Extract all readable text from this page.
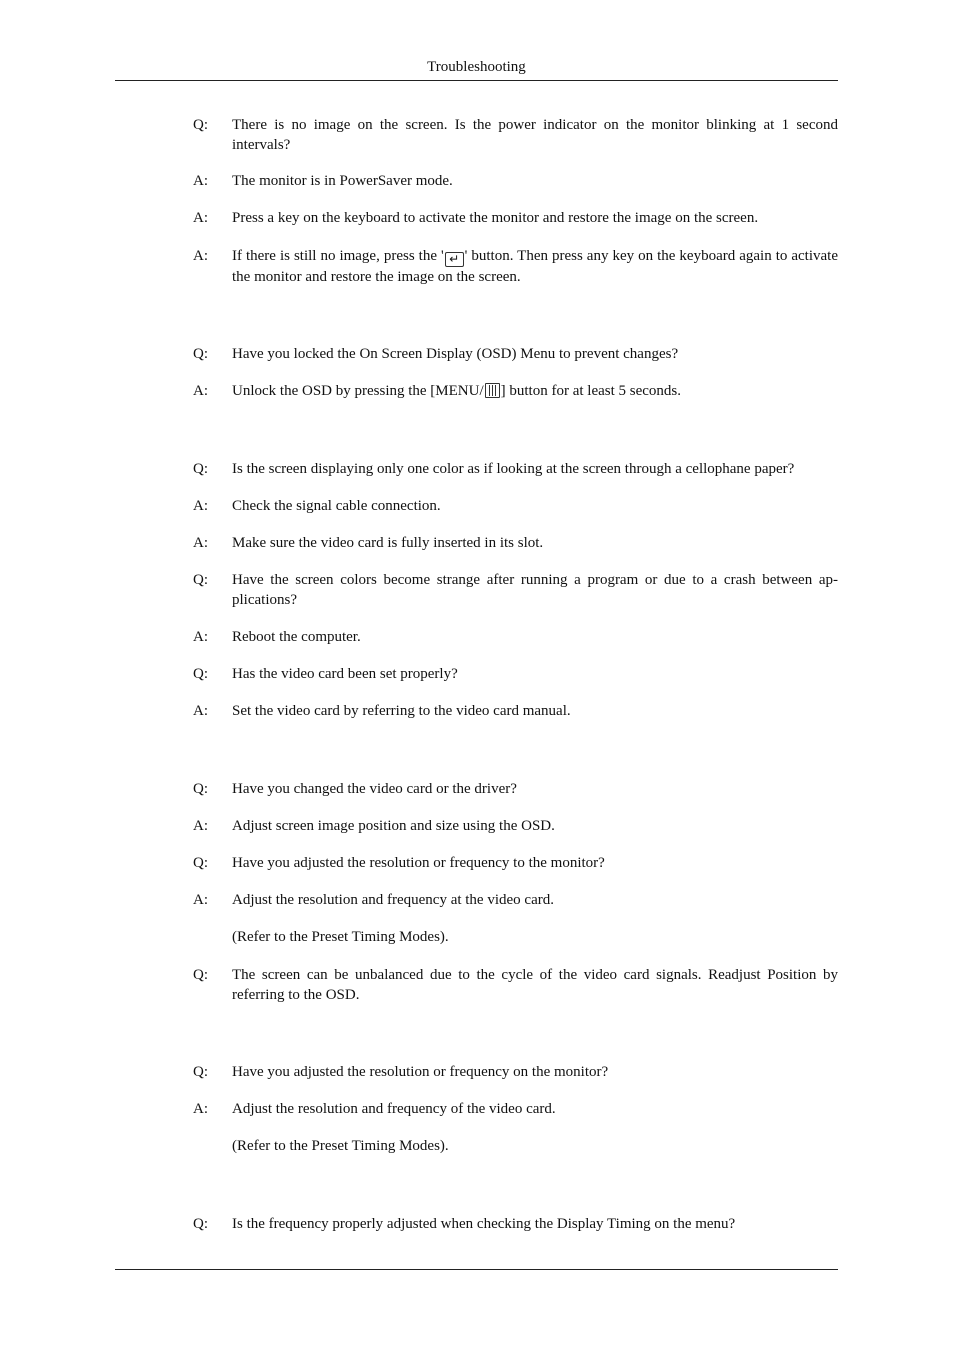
Troubleshooting
Q:	There is no image on the screen. Is the power indicator on the monitor blinking at 1 second intervals?
A:	The monitor is in PowerSaver mode.
A:	Press a key on the keyboard to activate the monitor and restore the image on the screen.
A:	If there is still no image, press the ' ↵ ' button. Then press any key on the keyboard again to activate the monitor and restore the image on the screen.
Q:	Have you locked the On Screen Display (OSD) Menu to prevent changes?
A:	Unlock the OSD by pressing the [MENU/ ] button for at least 5 seconds.
Q:	Is the screen displaying only one color as if looking at the screen through a cellophane paper?
A:	Check the signal cable connection.
A:	Make sure the video card is fully inserted in its slot.
Q:	Have the screen colors become strange after running a program or due to a crash between ap-plications?
A:	Reboot the computer.
Q:	Has the video card been set properly?
A:	Set the video card by referring to the video card manual.
Q:	Have you changed the video card or the driver?
A:	Adjust screen image position and size using the OSD.
Q:	Have you adjusted the resolution or frequency to the monitor?
A:	Adjust the resolution and frequency at the video card.
(Refer to the Preset Timing Modes).
Q:	The screen can be unbalanced due to the cycle of the video card signals. Readjust Position by referring to the OSD.
Q:	Have you adjusted the resolution or frequency on the monitor?
A:	Adjust the resolution and frequency of the video card.
(Refer to the Preset Timing Modes).
Q:	Is the frequency properly adjusted when checking the Display Timing on the menu?
